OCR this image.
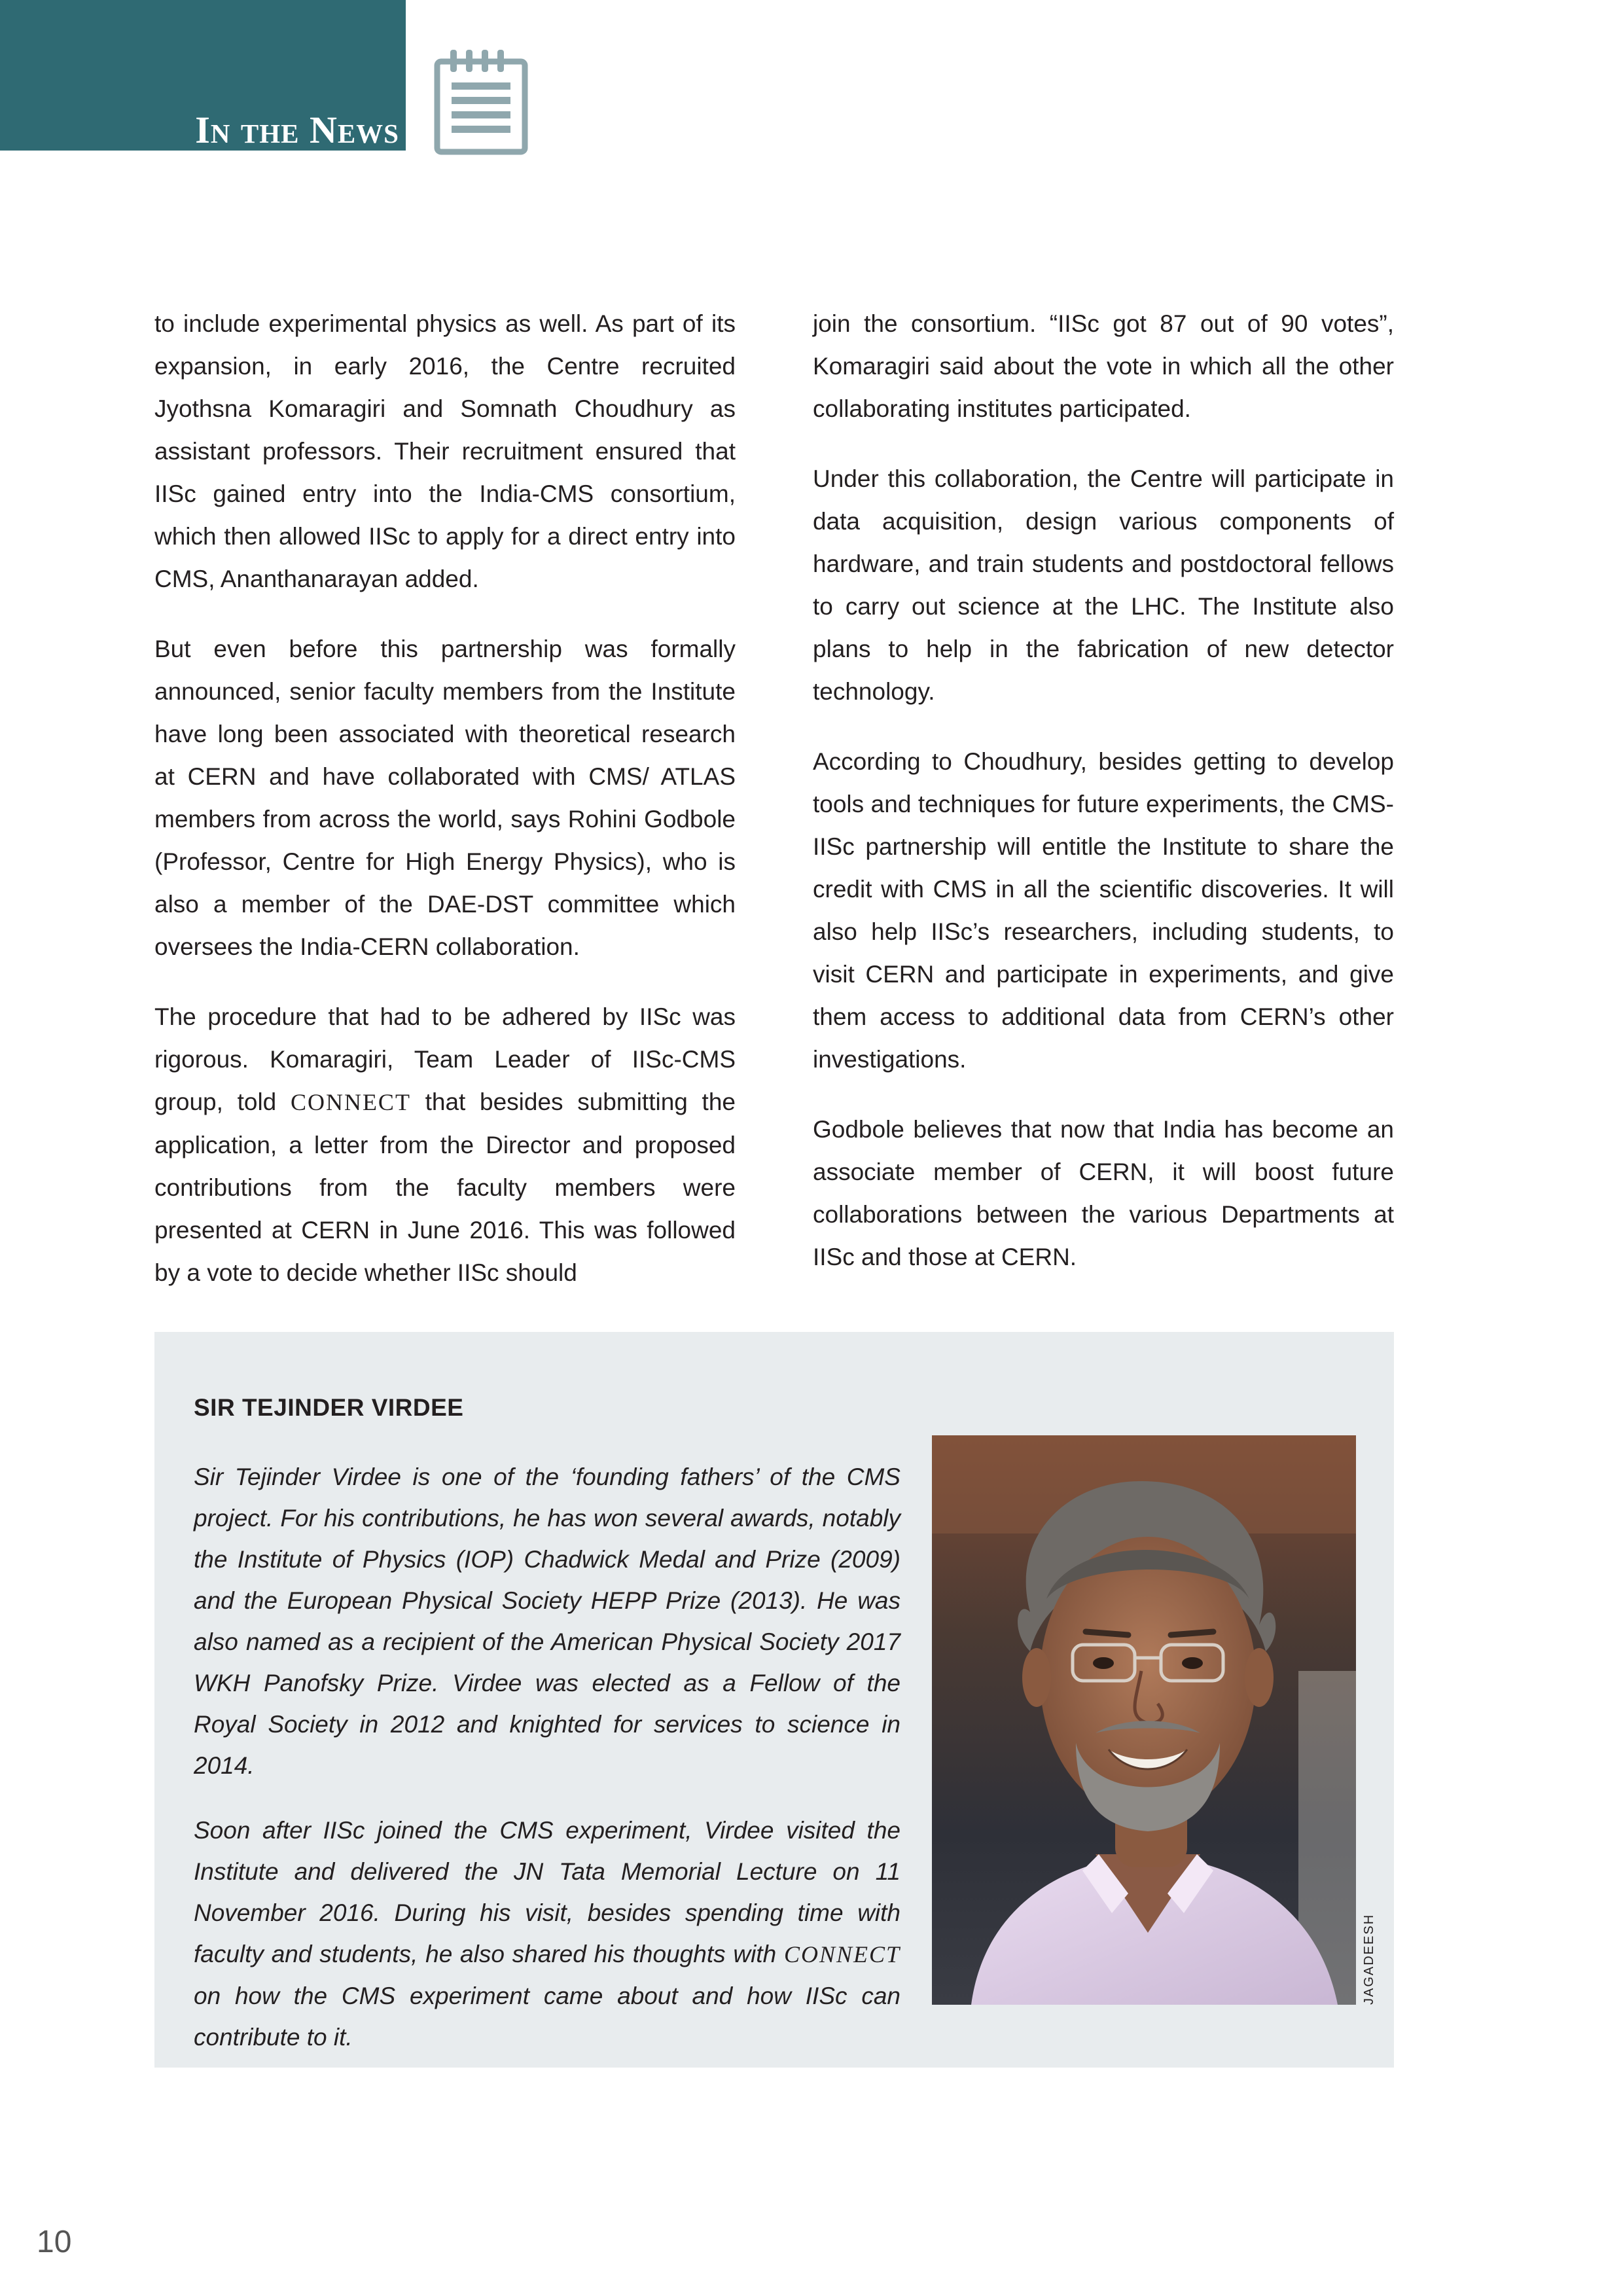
In the News

to include experimental physics as well. As part of its expansion, in early 2016, the Centre recruited Jyothsna Komaragiri and Somnath Choudhury as assistant professors. Their recruitment ensured that IISc gained entry into the India-CMS consortium, which then allowed IISc to apply for a direct entry into CMS, Ananthanarayan added.

But even before this partnership was formally announced, senior faculty members from the Institute have long been associated with theoretical research at CERN and have collaborated with CMS/ ATLAS members from across the world, says Rohini Godbole (Professor, Centre for High Energy Physics), who is also a member of the DAE-DST committee which oversees the India-CERN collaboration.

The procedure that had to be adhered by IISc was rigorous. Komaragiri, Team Leader of IISc-CMS group, told CONNECT that besides submitting the application, a letter from the Director and proposed contributions from the faculty members were presented at CERN in June 2016. This was followed by a vote to decide whether IISc should

join the consortium. “IISc got 87 out of 90 votes”, Komaragiri said about the vote in which all the other collaborating institutes participated.

Under this collaboration, the Centre will participate in data acquisition, design various components of hardware, and train students and postdoctoral fellows to carry out science at the LHC. The Institute also plans to help in the fabrication of new detector technology.

According to Choudhury, besides getting to develop tools and techniques for future experiments, the CMS-IISc partnership will entitle the Institute to share the credit with CMS in all the scientific discoveries. It will also help IISc’s researchers, including students, to visit CERN and participate in experiments, and give them access to additional data from CERN’s other investigations.

Godbole believes that now that India has become an associate member of CERN, it will boost future collaborations between the various Departments at IISc and those at CERN.

SIR TEJINDER VIRDEE

Sir Tejinder Virdee is one of the ‘founding fathers’ of the CMS project. For his contributions, he has won several awards, notably the Institute of Physics (IOP) Chadwick Medal and Prize (2009) and the European Physical Society HEPP Prize (2013). He was also named as a recipient of the American Physical Society 2017 WKH Panofsky Prize. Virdee was elected as a Fellow of the Royal Society in 2012 and knighted for services to science in 2014.

Soon after IISc joined the CMS experiment, Virdee visited the Institute and delivered the JN Tata Memorial Lecture on 11 November 2016. During his visit, besides spending time with faculty and students, he also shared his thoughts with CONNECT on how the CMS experiment came about and how IISc can contribute to it.

JAGADEESH

10
